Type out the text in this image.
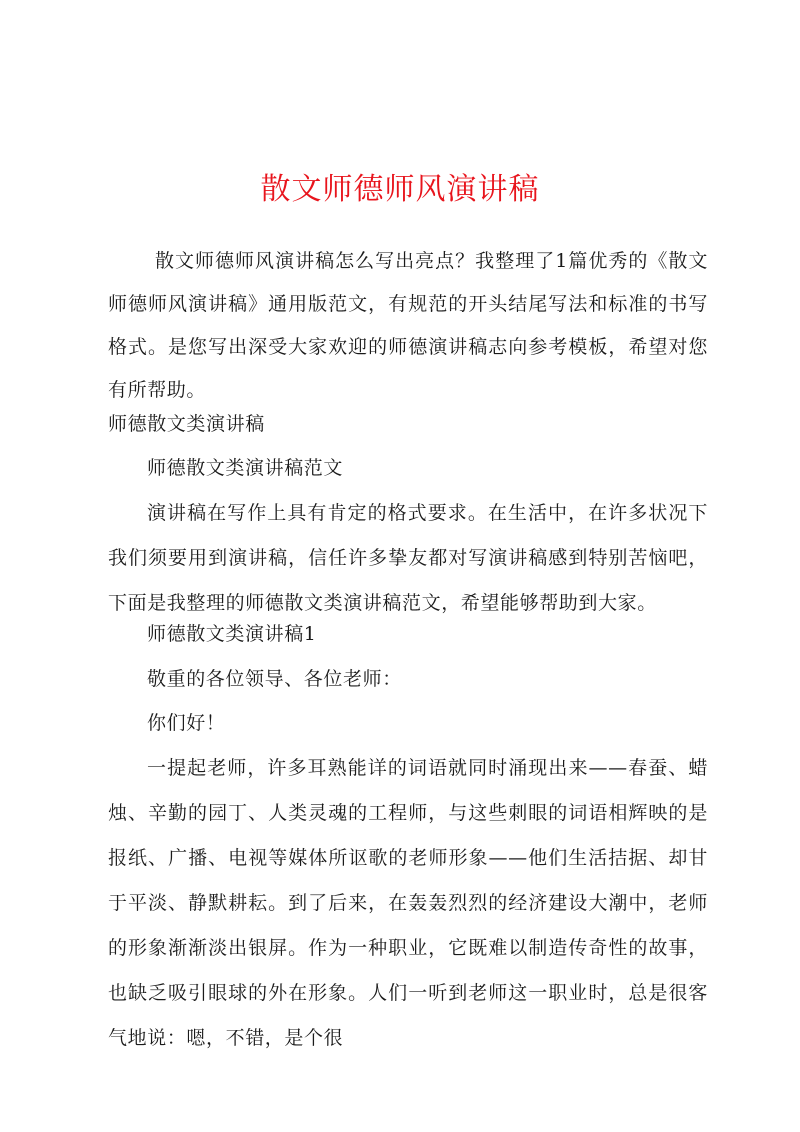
散文师德师风演讲稿
散文师德师风演讲稿怎么写出亮点？我整理了1篇优秀的《散文师德师风演讲稿》通用版范文，有规范的开头结尾写法和标准的书写格式。是您写出深受大家欢迎的师德演讲稿志向参考模板，希望对您有所帮助。
师德散文类演讲稿
师德散文类演讲稿范文
演讲稿在写作上具有肯定的格式要求。在生活中，在许多状况下我们须要用到演讲稿，信任许多挚友都对写演讲稿感到特别苦恼吧，下面是我整理的师德散文类演讲稿范文，希望能够帮助到大家。
师德散文类演讲稿1
敬重的各位领导、各位老师：
你们好！
一提起老师，许多耳熟能详的词语就同时涌现出来——春蚕、蜡烛、辛勤的园丁、人类灵魂的工程师，与这些刺眼的词语相辉映的是报纸、广播、电视等媒体所讴歌的老师形象——他们生活拮据、却甘于平淡、静默耕耘。到了后来，在轰轰烈烈的经济建设大潮中，老师的形象渐渐淡出银屏。作为一种职业，它既难以制造传奇性的故事，也缺乏吸引眼球的外在形象。人们一听到老师这一职业时，总是很客气地说：嗯，不错，是个很
